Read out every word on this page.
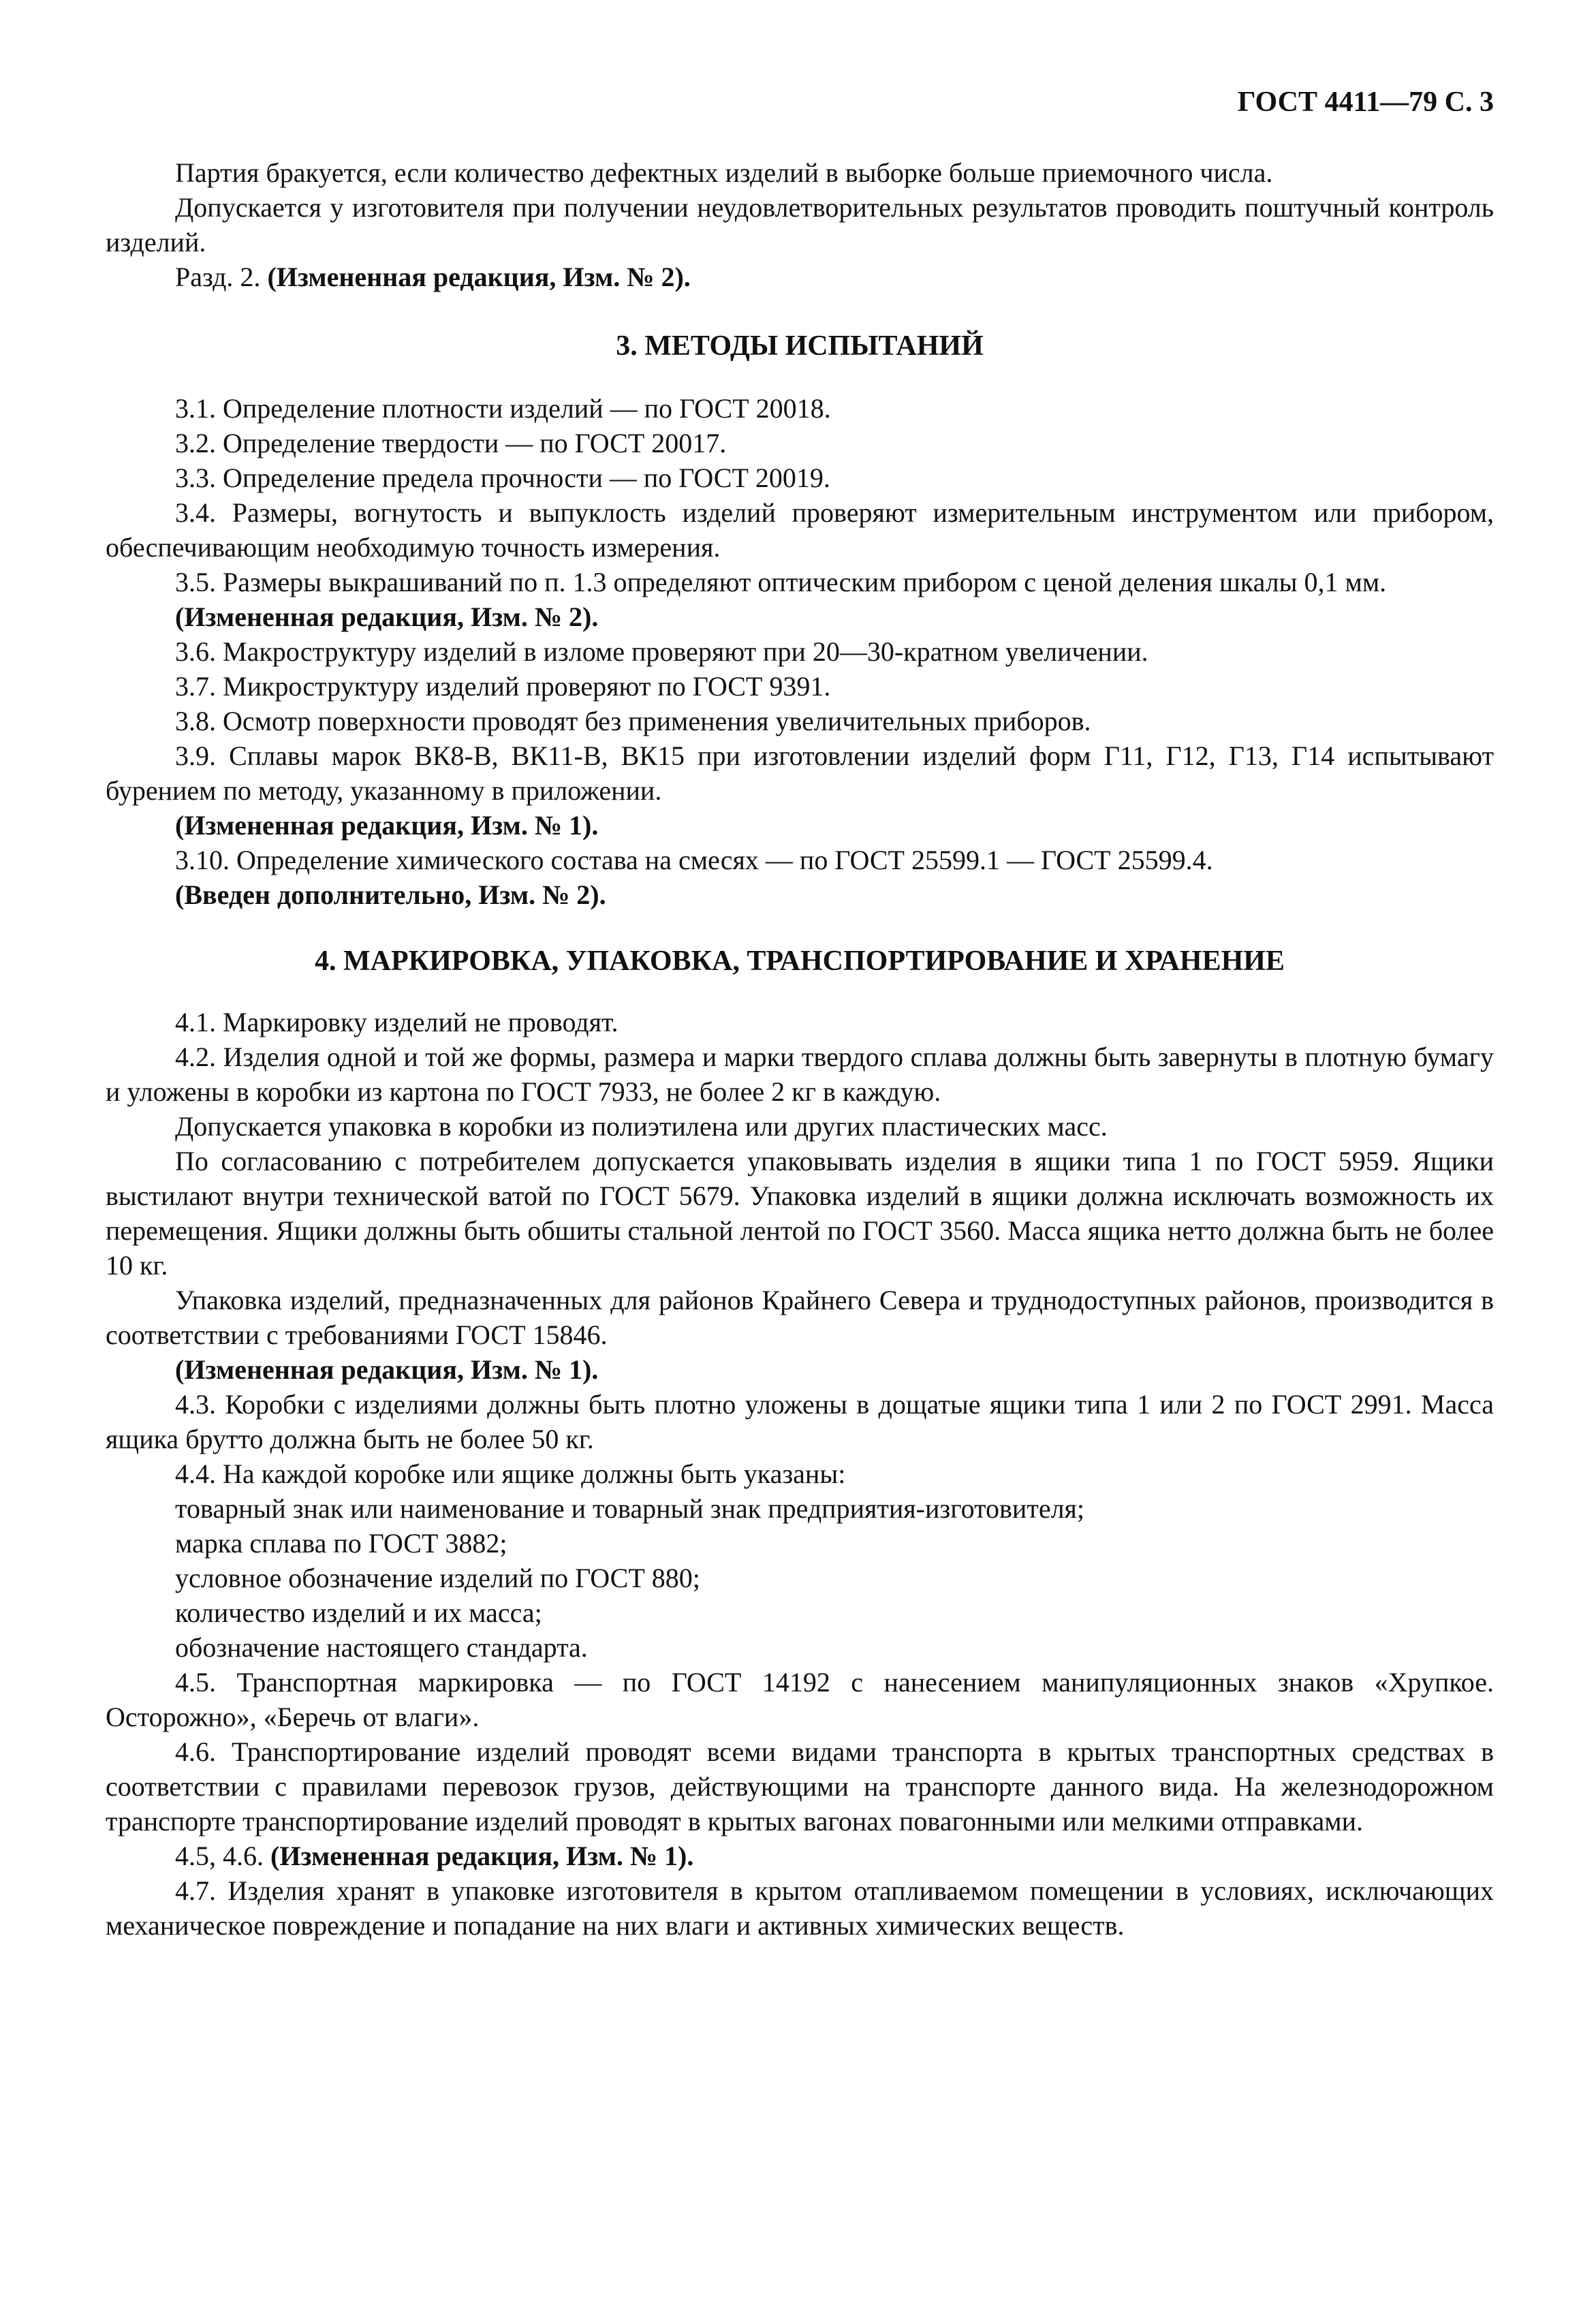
ГОСТ 4411—79 С. 3

Партия бракуется, если количество дефектных изделий в выборке больше приемочного числа.

Допускается у изготовителя при получении неудовлетворительных результатов проводить поштучный контроль изделий.

Разд. 2. (Измененная редакция, Изм. № 2).

3. МЕТОДЫ ИСПЫТАНИЙ

3.1. Определение плотности изделий — по ГОСТ 20018.

3.2. Определение твердости — по ГОСТ 20017.

3.3. Определение предела прочности — по ГОСТ 20019.

3.4. Размеры, вогнутость и выпуклость изделий проверяют измерительным инструментом или прибором, обеспечивающим необходимую точность измерения.

3.5. Размеры выкрашиваний по п. 1.3 определяют оптическим прибором с ценой деления шкалы 0,1 мм.

(Измененная редакция, Изм. № 2).

3.6. Макроструктуру изделий в изломе проверяют при 20—30-кратном увеличении.

3.7. Микроструктуру изделий проверяют по ГОСТ 9391.

3.8. Осмотр поверхности проводят без применения увеличительных приборов.

3.9. Сплавы марок ВК8-В, ВК11-В, ВК15 при изготовлении изделий форм Г11, Г12, Г13, Г14 испытывают бурением по методу, указанному в приложении.

(Измененная редакция, Изм. № 1).

3.10. Определение химического состава на смесях — по ГОСТ 25599.1 — ГОСТ 25599.4.

(Введен дополнительно, Изм. № 2).

4. МАРКИРОВКА, УПАКОВКА, ТРАНСПОРТИРОВАНИЕ И ХРАНЕНИЕ

4.1. Маркировку изделий не проводят.

4.2. Изделия одной и той же формы, размера и марки твердого сплава должны быть завернуты в плотную бумагу и уложены в коробки из картона по ГОСТ 7933, не более 2 кг в каждую.

Допускается упаковка в коробки из полиэтилена или других пластических масс.

По согласованию с потребителем допускается упаковывать изделия в ящики типа 1 по ГОСТ 5959. Ящики выстилают внутри технической ватой по ГОСТ 5679. Упаковка изделий в ящики должна исключать возможность их перемещения. Ящики должны быть обшиты стальной лентой по ГОСТ 3560. Масса ящика нетто должна быть не более 10 кг.

Упаковка изделий, предназначенных для районов Крайнего Севера и труднодоступных районов, производится в соответствии с требованиями ГОСТ 15846.

(Измененная редакция, Изм. № 1).

4.3. Коробки с изделиями должны быть плотно уложены в дощатые ящики типа 1 или 2 по ГОСТ 2991. Масса ящика брутто должна быть не более 50 кг.

4.4. На каждой коробке или ящике должны быть указаны:

товарный знак или наименование и товарный знак предприятия-изготовителя;

марка сплава по ГОСТ 3882;

условное обозначение изделий по ГОСТ 880;

количество изделий и их масса;

обозначение настоящего стандарта.

4.5. Транспортная маркировка — по ГОСТ 14192 с нанесением манипуляционных знаков «Хрупкое. Осторожно», «Беречь от влаги».

4.6. Транспортирование изделий проводят всеми видами транспорта в крытых транспортных средствах в соответствии с правилами перевозок грузов, действующими на транспорте данного вида. На железнодорожном транспорте транспортирование изделий проводят в крытых вагонах повагонными или мелкими отправками.

4.5, 4.6. (Измененная редакция, Изм. № 1).

4.7. Изделия хранят в упаковке изготовителя в крытом отапливаемом помещении в условиях, исключающих механическое повреждение и попадание на них влаги и активных химических веществ.
